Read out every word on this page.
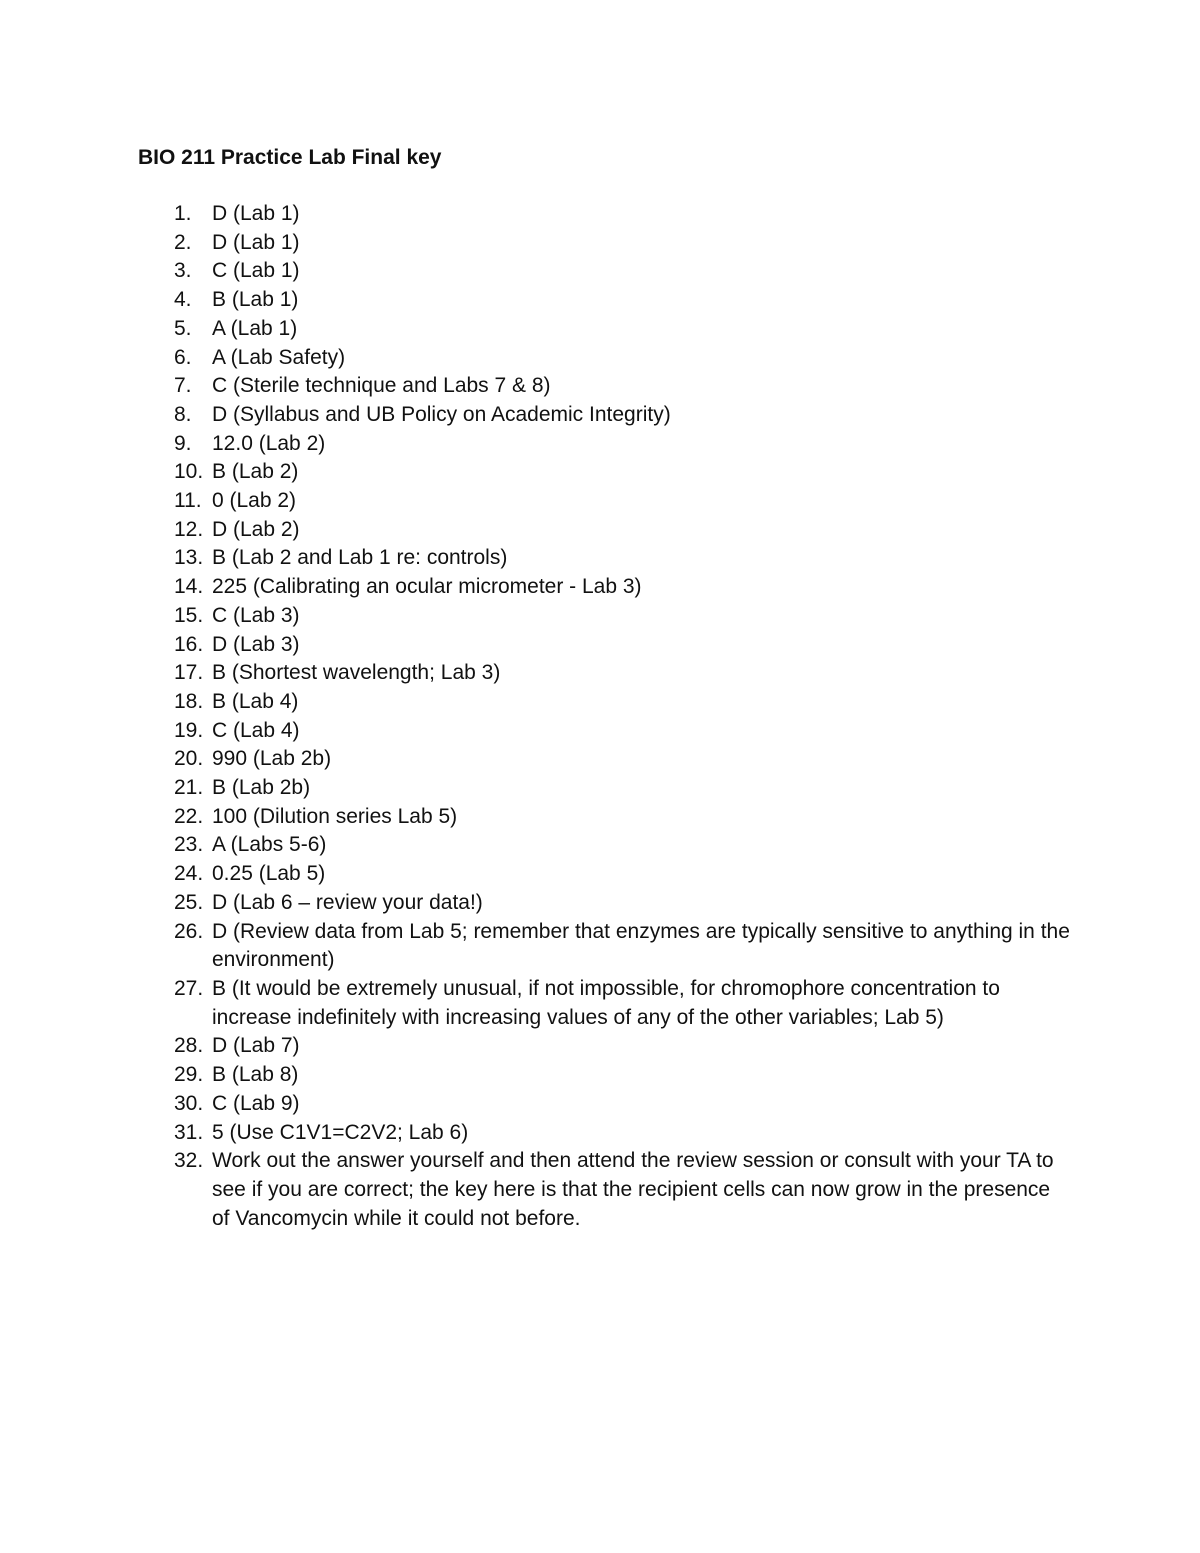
BIO 211 Practice Lab Final key
1. D (Lab 1)
2. D (Lab 1)
3. C (Lab 1)
4. B (Lab 1)
5. A (Lab 1)
6. A (Lab Safety)
7. C (Sterile technique and Labs 7 & 8)
8. D (Syllabus and UB Policy on Academic Integrity)
9. 12.0 (Lab 2)
10. B (Lab 2)
11. 0 (Lab 2)
12. D (Lab 2)
13. B (Lab 2 and Lab 1 re: controls)
14. 225 (Calibrating an ocular micrometer - Lab 3)
15. C (Lab 3)
16. D (Lab 3)
17. B (Shortest wavelength; Lab 3)
18. B (Lab 4)
19. C (Lab 4)
20. 990 (Lab 2b)
21. B (Lab 2b)
22. 100 (Dilution series Lab 5)
23. A (Labs 5-6)
24. 0.25 (Lab 5)
25. D (Lab 6 – review your data!)
26. D (Review data from Lab 5; remember that enzymes are typically sensitive to anything in the environment)
27. B (It would be extremely unusual, if not impossible, for chromophore concentration to increase indefinitely with increasing values of any of the other variables; Lab 5)
28. D (Lab 7)
29. B (Lab 8)
30. C (Lab 9)
31. 5 (Use C1V1=C2V2; Lab 6)
32. Work out the answer yourself and then attend the review session or consult with your TA to see if you are correct; the key here is that the recipient cells can now grow in the presence of Vancomycin while it could not before.
